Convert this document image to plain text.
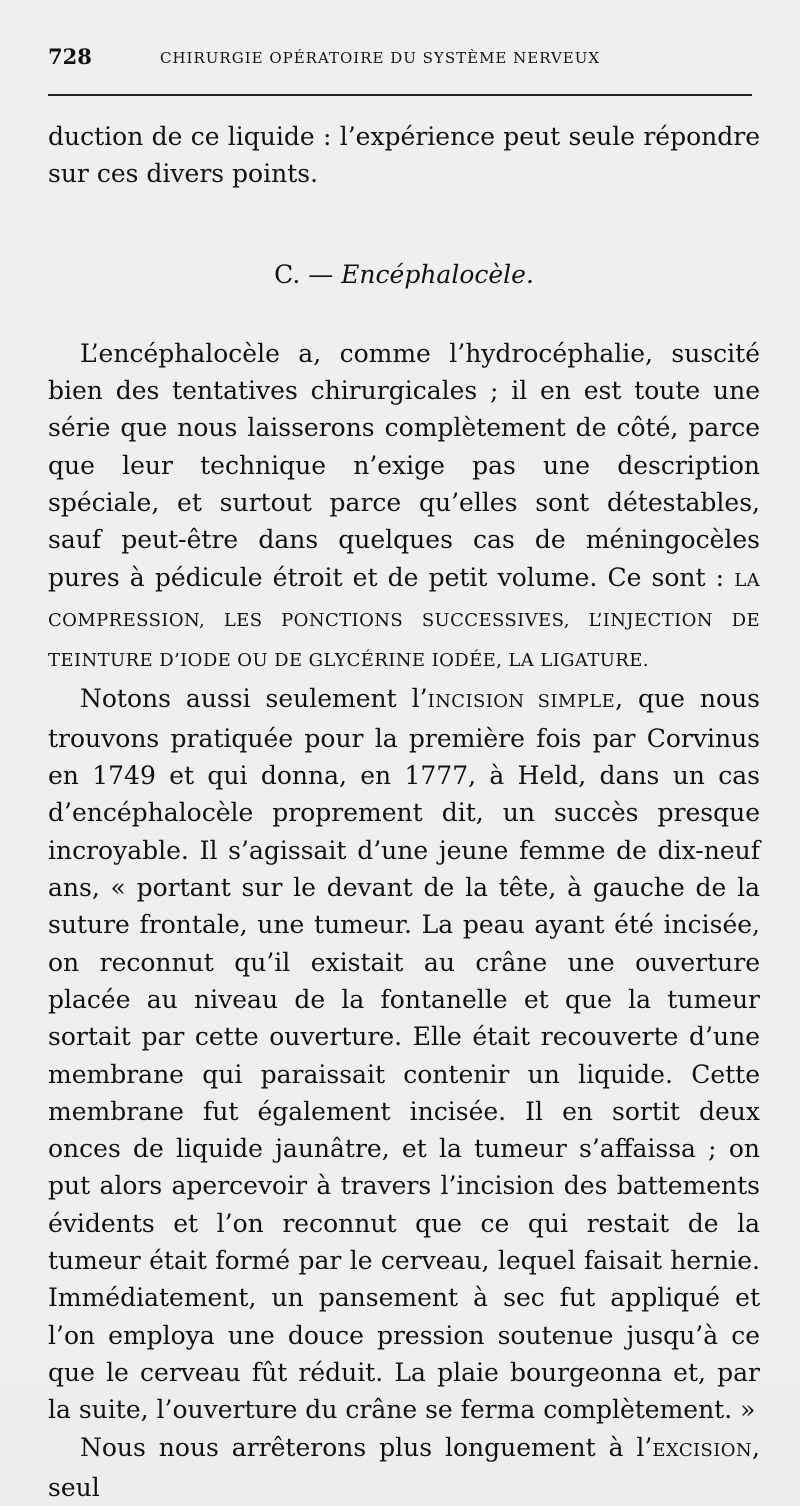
728	CHIRURGIE OPÉRATOIRE DU SYSTÈME NERVEUX

duction de ce liquide : l’expérience peut seule répondre sur ces divers points.

C. — Encéphalocèle.

L’encéphalocèle a, comme l’hydrocéphalie, suscité bien des tentatives chirurgicales ; il en est toute une série que nous laisserons complètement de côté, parce que leur technique n’exige pas une description spéciale, et surtout parce qu’elles sont détestables, sauf peut-être dans quelques cas de méningocèles pures à pédicule étroit et de petit volume. Ce sont : LA COMPRESSION, LES PONCTIONS SUCCESSIVES, L’INJECTION DE TEINTURE D’IODE OU DE GLYCÉRINE IODÉE, LA LIGATURE.

Notons aussi seulement l’INCISION SIMPLE, que nous trouvons pratiquée pour la première fois par Corvinus en 1749 et qui donna, en 1777, à Held, dans un cas d’encéphalocèle proprement dit, un succès presque incroyable. Il s’agissait d’une jeune femme de dix-neuf ans, « portant sur le devant de la tête, à gauche de la suture frontale, une tumeur. La peau ayant été incisée, on reconnut qu’il existait au crâne une ouverture placée au niveau de la fontanelle et que la tumeur sortait par cette ouverture. Elle était recouverte d’une membrane qui paraissait contenir un liquide. Cette membrane fut également incisée. Il en sortit deux onces de liquide jaunâtre, et la tumeur s’affaissa ; on put alors apercevoir à travers l’incision des battements évidents et l’on reconnut que ce qui restait de la tumeur était formé par le cerveau, lequel faisait hernie. Immédiatement, un pansement à sec fut appliqué et l’on employa une douce pression soutenue jusqu’à ce que le cerveau fût réduit. La plaie bourgeonna et, par la suite, l’ouverture du crâne se ferma complètement. »

Nous nous arrêterons plus longuement à l’EXCISION, seul
